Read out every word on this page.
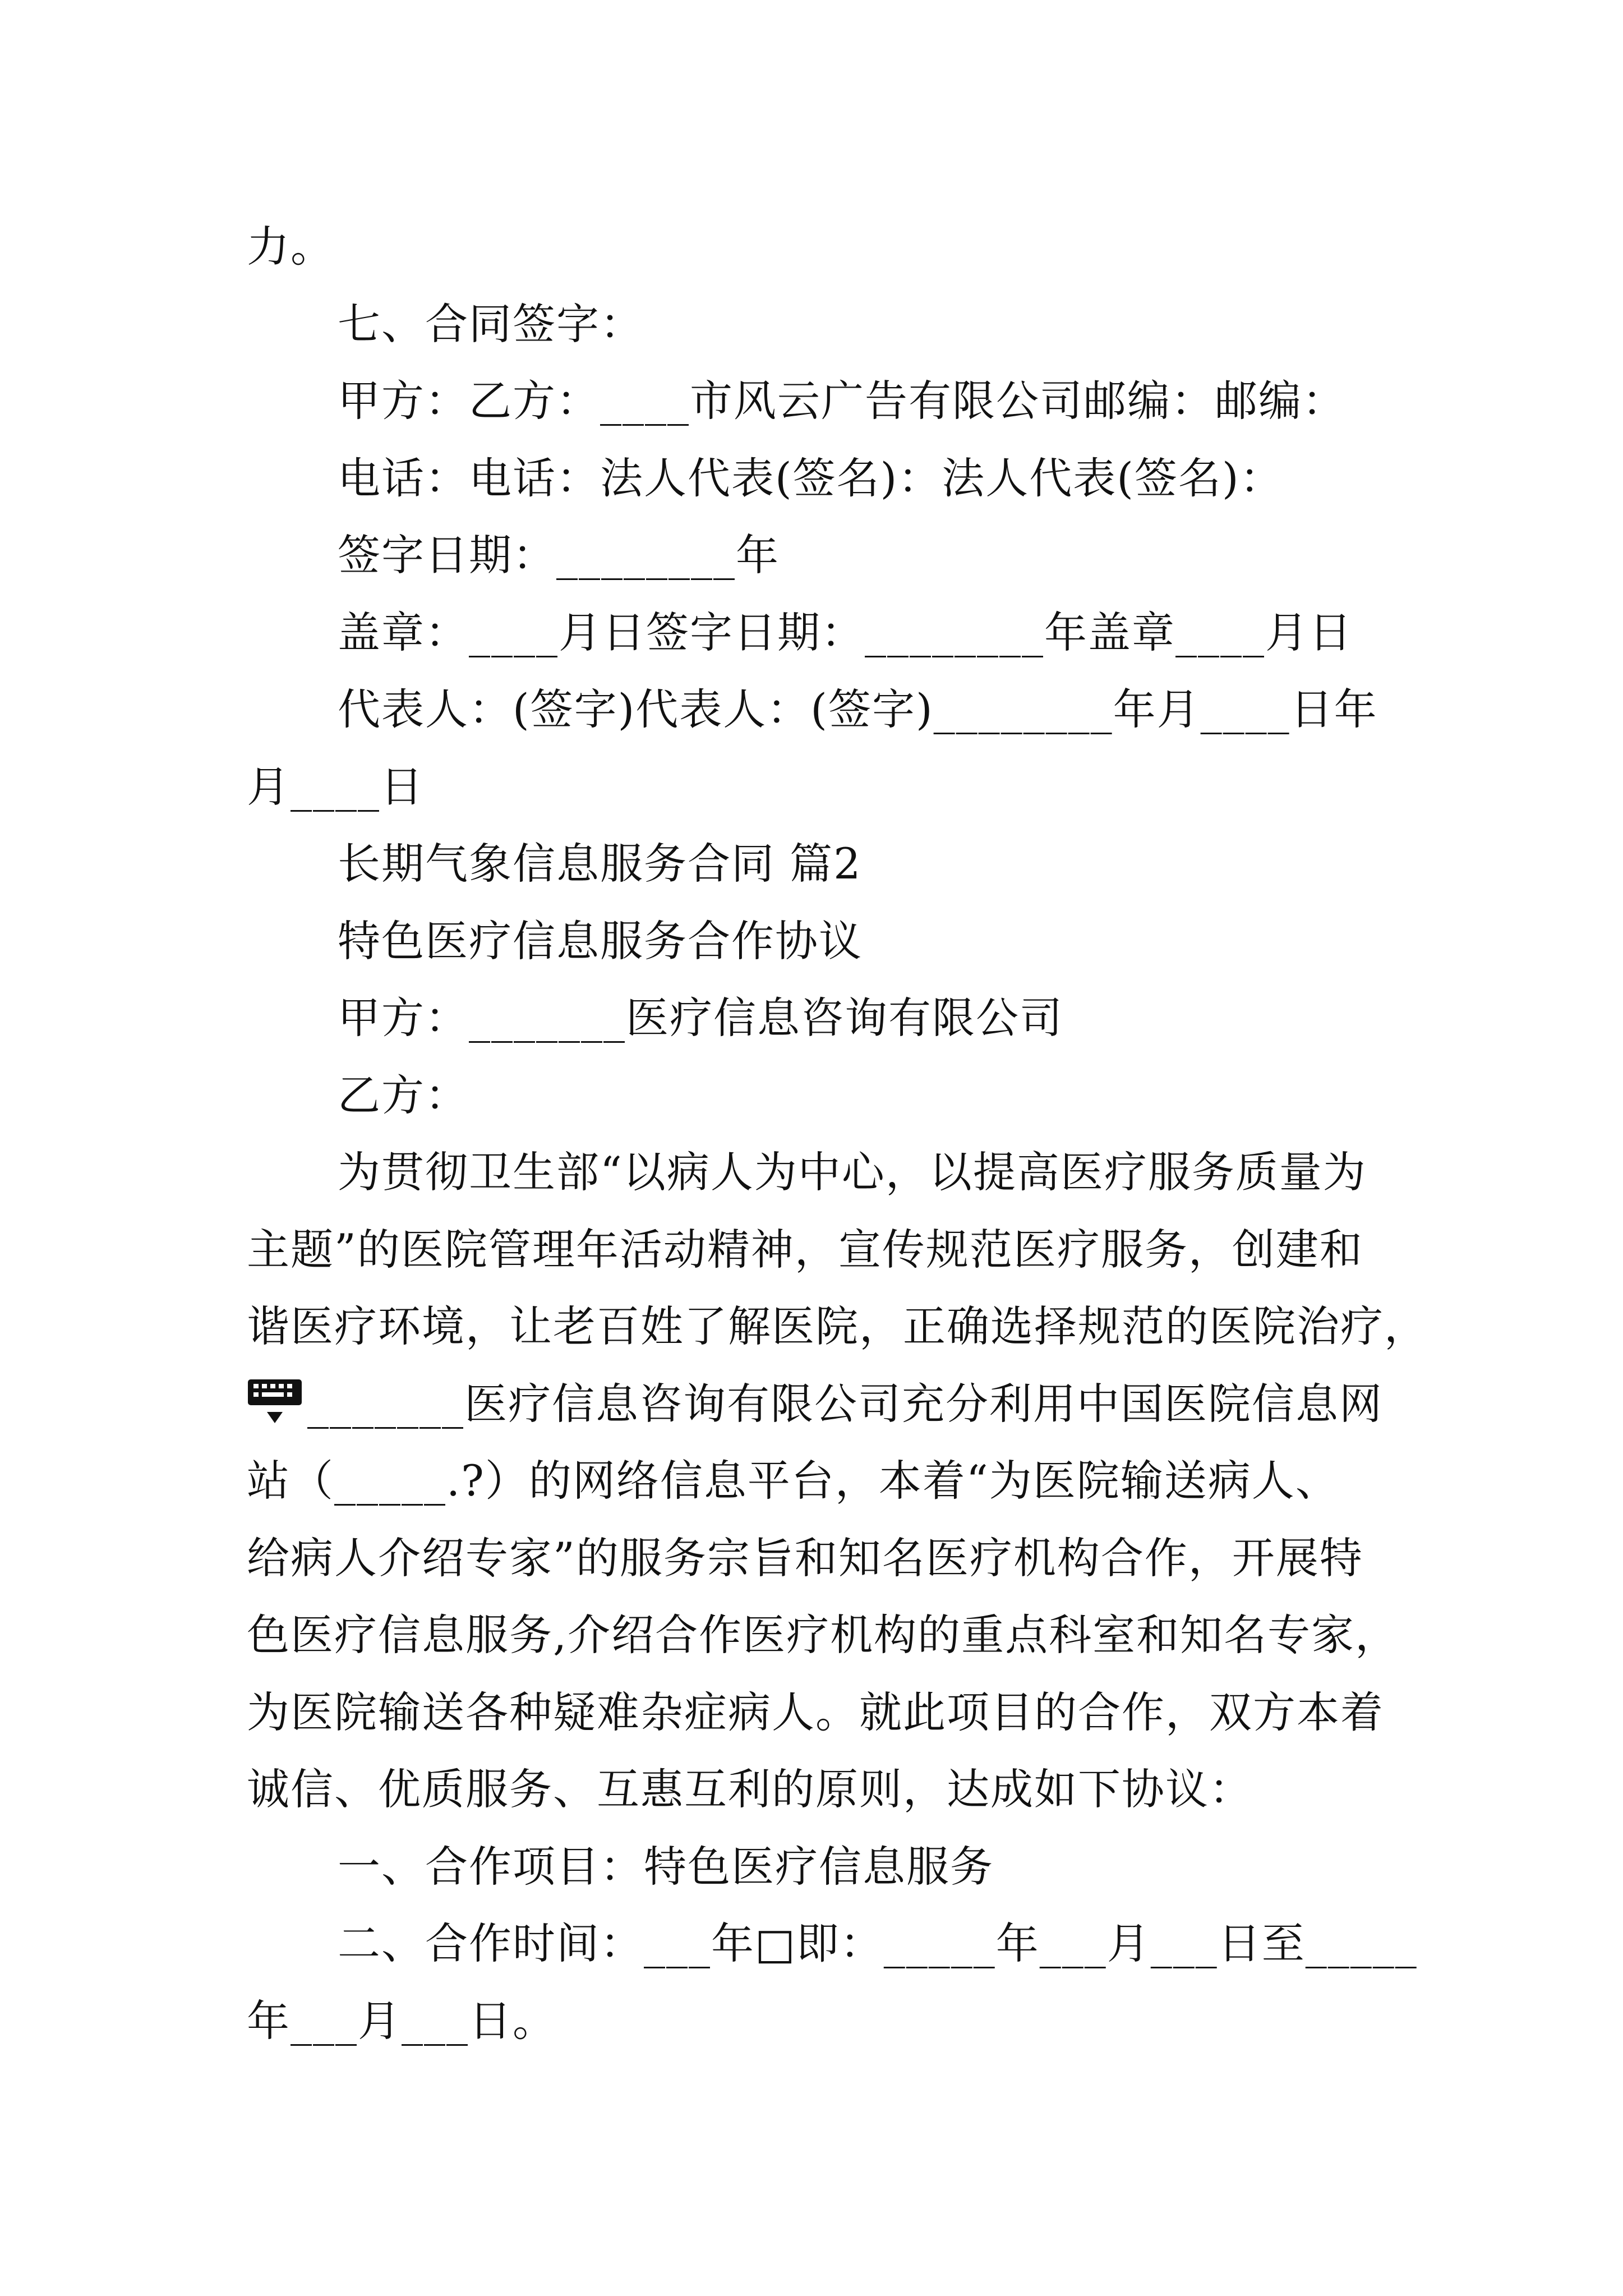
力。
七、合同签字：
甲方：乙方：____市风云广告有限公司邮编：邮编：
电话：电话：法人代表(签名)：法人代表(签名)：
签字日期：________年
盖章：____月日签字日期：________年盖章____月日
代表人：(签字)代表人：(签字)________年月____日年
月____日
长期气象信息服务合同 篇2
特色医疗信息服务合作协议
甲方：_______医疗信息咨询有限公司
乙方：
为贯彻卫生部“以病人为中心，以提高医疗服务质量为
主题”的医院管理年活动精神，宣传规范医疗服务，创建和
谐医疗环境，让老百姓了解医院，正确选择规范的医院治疗，
_______医疗信息咨询有限公司充分利用中国医院信息网
站（_____.?）的网络信息平台，本着“为医院输送病人、
给病人介绍专家”的服务宗旨和知名医疗机构合作，开展特
色医疗信息服务,介绍合作医疗机构的重点科室和知名专家，
为医院输送各种疑难杂症病人。就此项目的合作，双方本着
诚信、优质服务、互惠互利的原则，达成如下协议：
一、合作项目：特色医疗信息服务
二、合作时间：___年□即：_____年___月___日至_____
年___月___日。
